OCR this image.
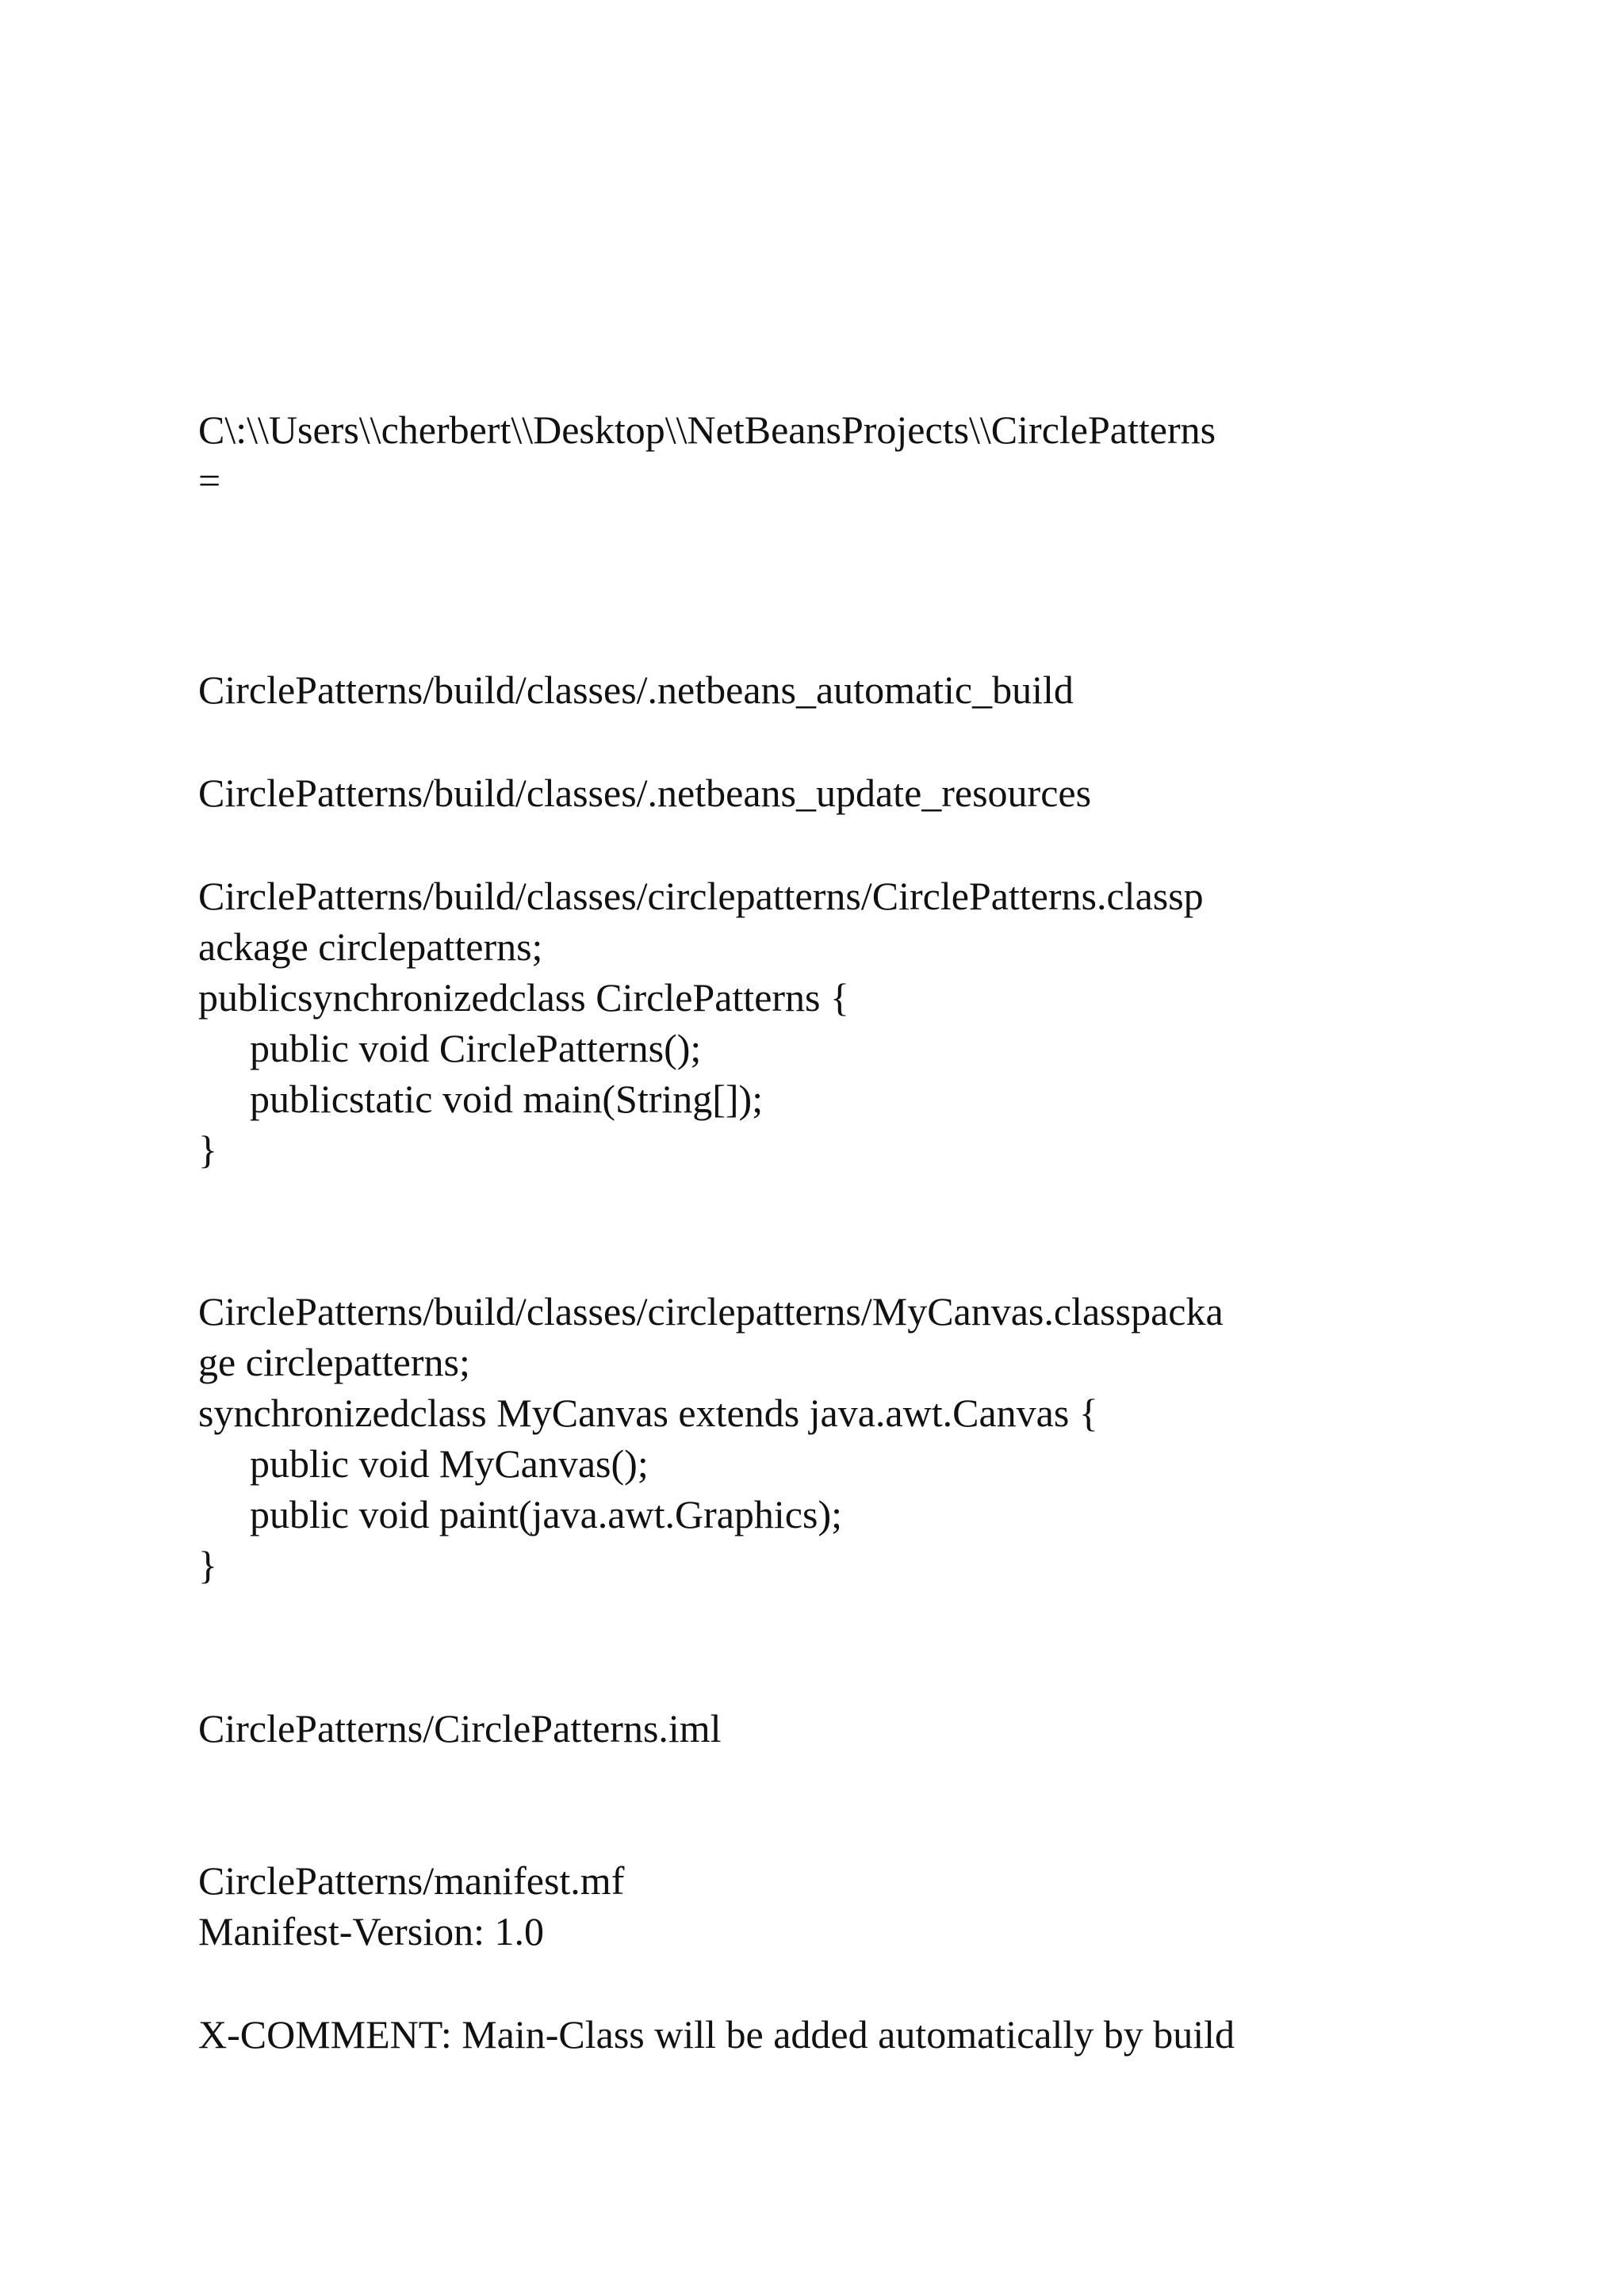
C\:\\Users\\cherbert\\Desktop\\NetBeansProjects\\CirclePatterns

=

CirclePatterns/build/classes/.netbeans_automatic_build

CirclePatterns/build/classes/.netbeans_update_resources

CirclePatterns/build/classes/circlepatterns/CirclePatterns.classp

ackage circlepatterns;

publicsynchronizedclass CirclePatterns {

public void CirclePatterns();

publicstatic void main(String[]);

}

CirclePatterns/build/classes/circlepatterns/MyCanvas.classpacka

ge circlepatterns;

synchronizedclass MyCanvas extends java.awt.Canvas {

public void MyCanvas();

public void paint(java.awt.Graphics);

}

CirclePatterns/CirclePatterns.iml

CirclePatterns/manifest.mf

Manifest-Version: 1.0

X-COMMENT: Main-Class will be added automatically by build
